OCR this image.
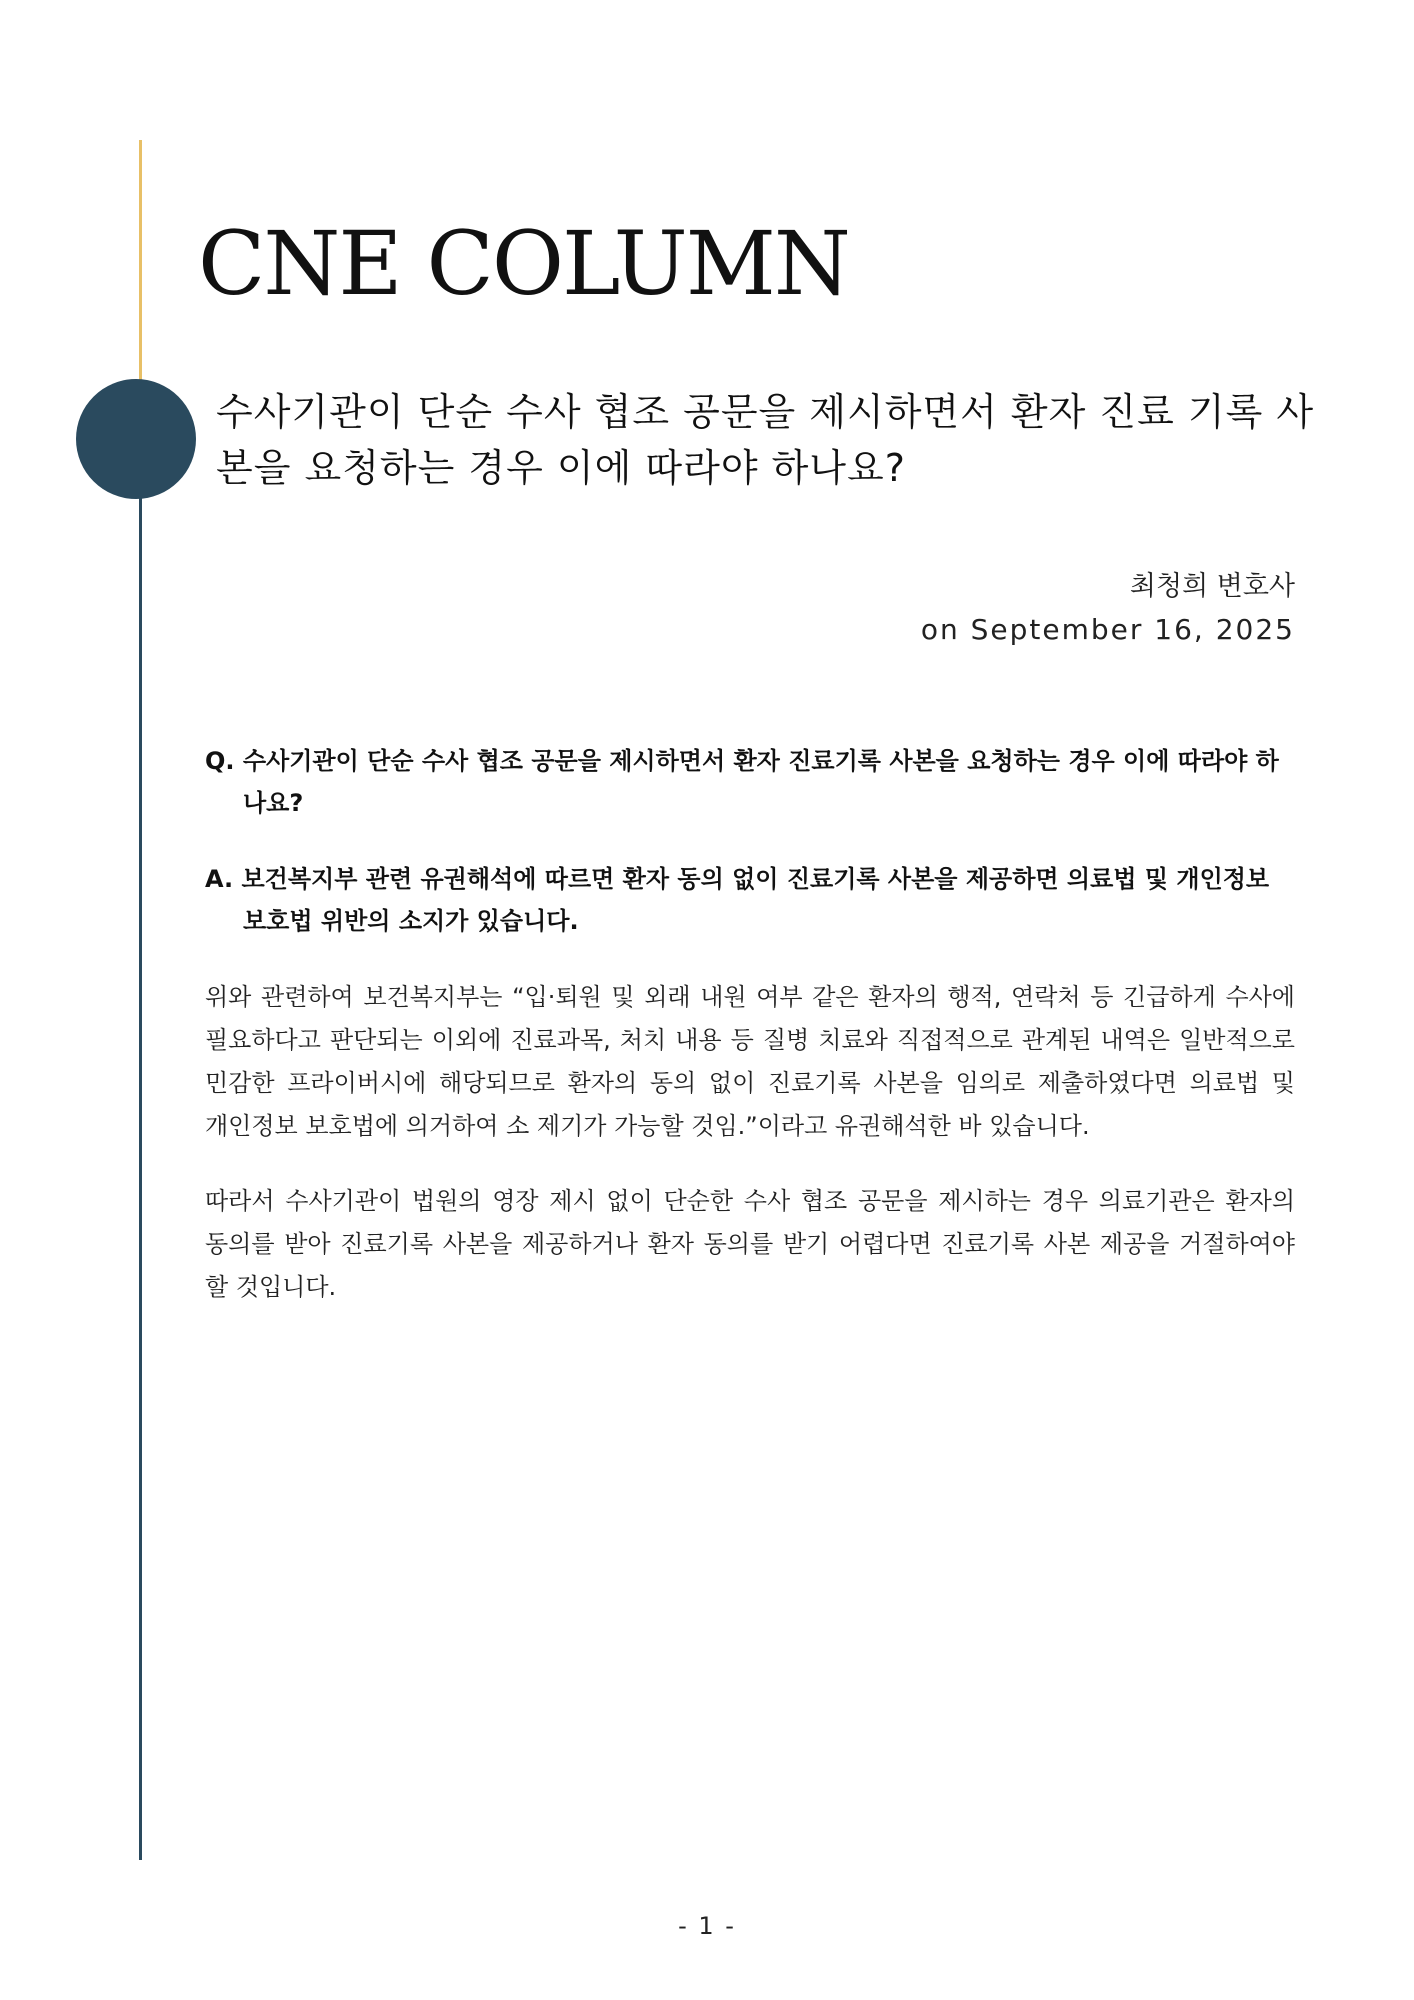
CNE COLUMN
수사기관이 단순 수사 협조 공문을 제시하면서 환자 진료 기록 사본을 요청하는 경우 이에 따라야 하나요?
최청희 변호사
on September 16, 2025

Q. 수사기관이 단순 수사 협조 공문을 제시하면서 환자 진료기록 사본을 요청하는 경우 이에 따라야 하나요?

A. 보건복지부 관련 유권해석에 따르면 환자 동의 없이 진료기록 사본을 제공하면 의료법 및 개인정보 보호법 위반의 소지가 있습니다.

위와 관련하여 보건복지부는 “입·퇴원 및 외래 내원 여부 같은 환자의 행적, 연락처 등 긴급하게 수사에 필요하다고 판단되는 이외에 진료과목, 처치 내용 등 질병 치료와 직접적으로 관계된 내역은 일반적으로 민감한 프라이버시에 해당되므로 환자의 동의 없이 진료기록 사본을 임의로 제출하였다면 의료법 및 개인정보 보호법에 의거하여 소 제기가 가능할 것임.”이라고 유권해석한 바 있습니다.

따라서 수사기관이 법원의 영장 제시 없이 단순한 수사 협조 공문을 제시하는 경우 의료기관은 환자의 동의를 받아 진료기록 사본을 제공하거나 환자 동의를 받기 어렵다면 진료기록 사본 제공을 거절하여야 할 것입니다.

- 1 -
